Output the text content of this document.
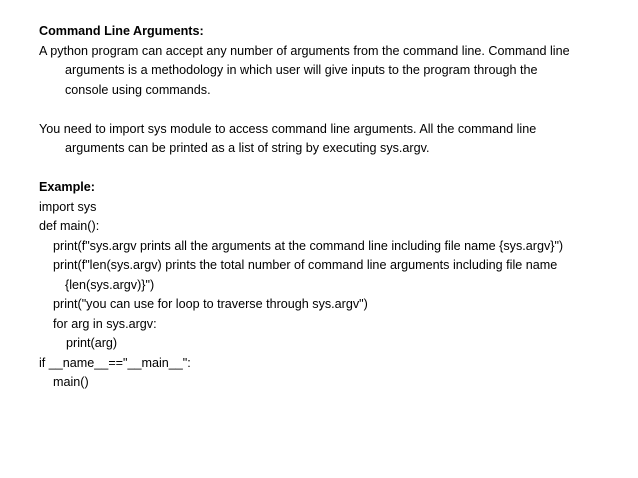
Command Line Arguments:

A python program can accept any number of arguments from the command line. Command line

arguments is a methodology in which user will give inputs to the program through the

console using commands.

You need to import sys module to access command line arguments. All the command line

arguments can be printed as a list of string by executing sys.argv.

Example:

import sys

def main():

print(f"sys.argv prints all the arguments at the command line including file name {sys.argv}")

print(f"len(sys.argv) prints the total number of command line arguments including file name

{len(sys.argv)}")

print("you can use for loop to traverse through sys.argv")

for arg in sys.argv:

print(arg)

if __name__=="__main__":

main()
